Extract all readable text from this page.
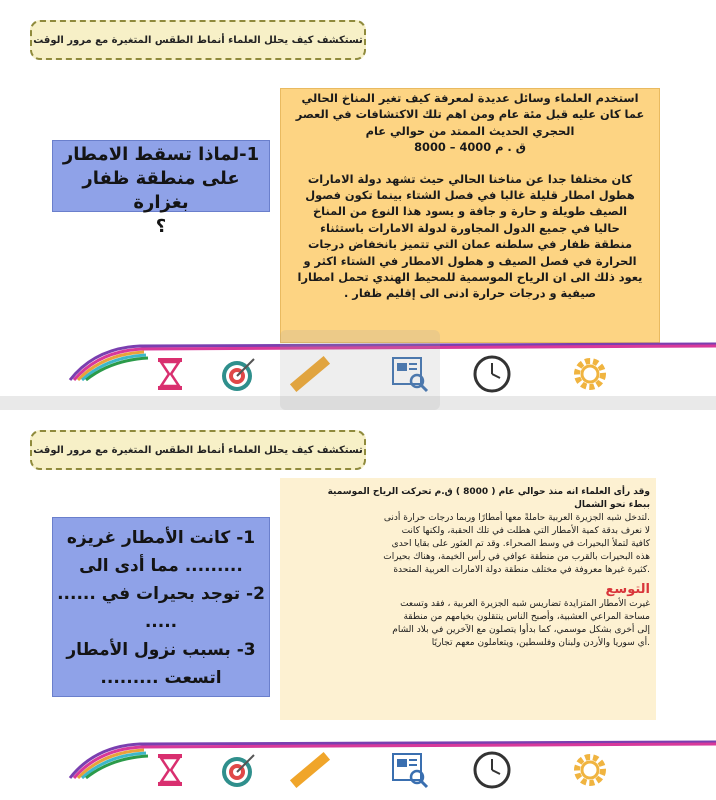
تستكشف كيف يحلل العلماء أنماط الطقس المتغيرة مع مرور الوقت
1-لماذا تسقط الامطار
على منطقة ظفار بغزارة
؟
استخدم العلماء وسائل عديدة لمعرفة كيف تغير المناخ الحالي
عما كان عليه قبل مئة عام ومن اهم تلك الاكتشافات في العصر
الحجري الحديث الممتد من حوالي عام
ق . م 4000 – 8000
كان مختلفا جدا عن مناخنا الحالي حيث تشهد دولة الامارات
هطول امطار قليلة غالبا في فصل الشتاء بينما تكون فصول
الصيف طويلة و حارة و جافة و يسود هذا النوع من المناخ
حاليا في جميع الدول المجاورة لدولة الامارات باستثناء
منطقة ظفار في سلطنه عمان التي تتميز بانخفاض درجات
الحرارة في فصل الصيف و هطول الامطار في الشتاء اكثر و
يعود ذلك الى ان الرياح الموسمية للمحيط الهندي تحمل امطارا
صيفية و درجات حرارة ادنى الى إقليم ظفار .
تستكشف كيف يحلل العلماء أنماط الطقس المتغيرة مع مرور الوقت
1- كانت الأمطار غريزه
......... مما أدى الى
2- توجد بحيرات في ......
.....
3- بسبب نزول الأمطار
اتسعت .........
وقد رأى العلماء انه منذ حوالي عام ( 8000 ) ق.م تحركت الرياح الموسمية
ببطء نحو الشمال
.لتدخل شبه الجزيرة العربية حاملةً معها أمطارًا وربما درجات حرارة أدنى
لا نعرف بدقة كمية الأمطار التي هطلت في تلك الحقبة، ولكنها كانت
كافية لتملأ البحيرات في وسط الصحراء. وقد تم العثور على بقايا احدى
هذه البحيرات بالقرب من منطقة عوافي في رأس الخيمة، وهناك بحيرات
.كثيرة غيرها معروفة في مختلف منطقة دولة الامارات العربية المتحدة
التوسع
غيرت الأمطار المتزايدة تضاريس شبه الجزيرة العربية ، فقد وتسعت
مساحة المراعي العشبية، وأصبح الناس ينتقلون بخيامهم من منطقة
إلى أخرى بشكل موسمي، كما بدأوا يتصلون مع الآخرين في بلاد الشام
.أي سوريا والأردن ولبنان وفلسطين، ويتعاملون معهم تجاريًا
